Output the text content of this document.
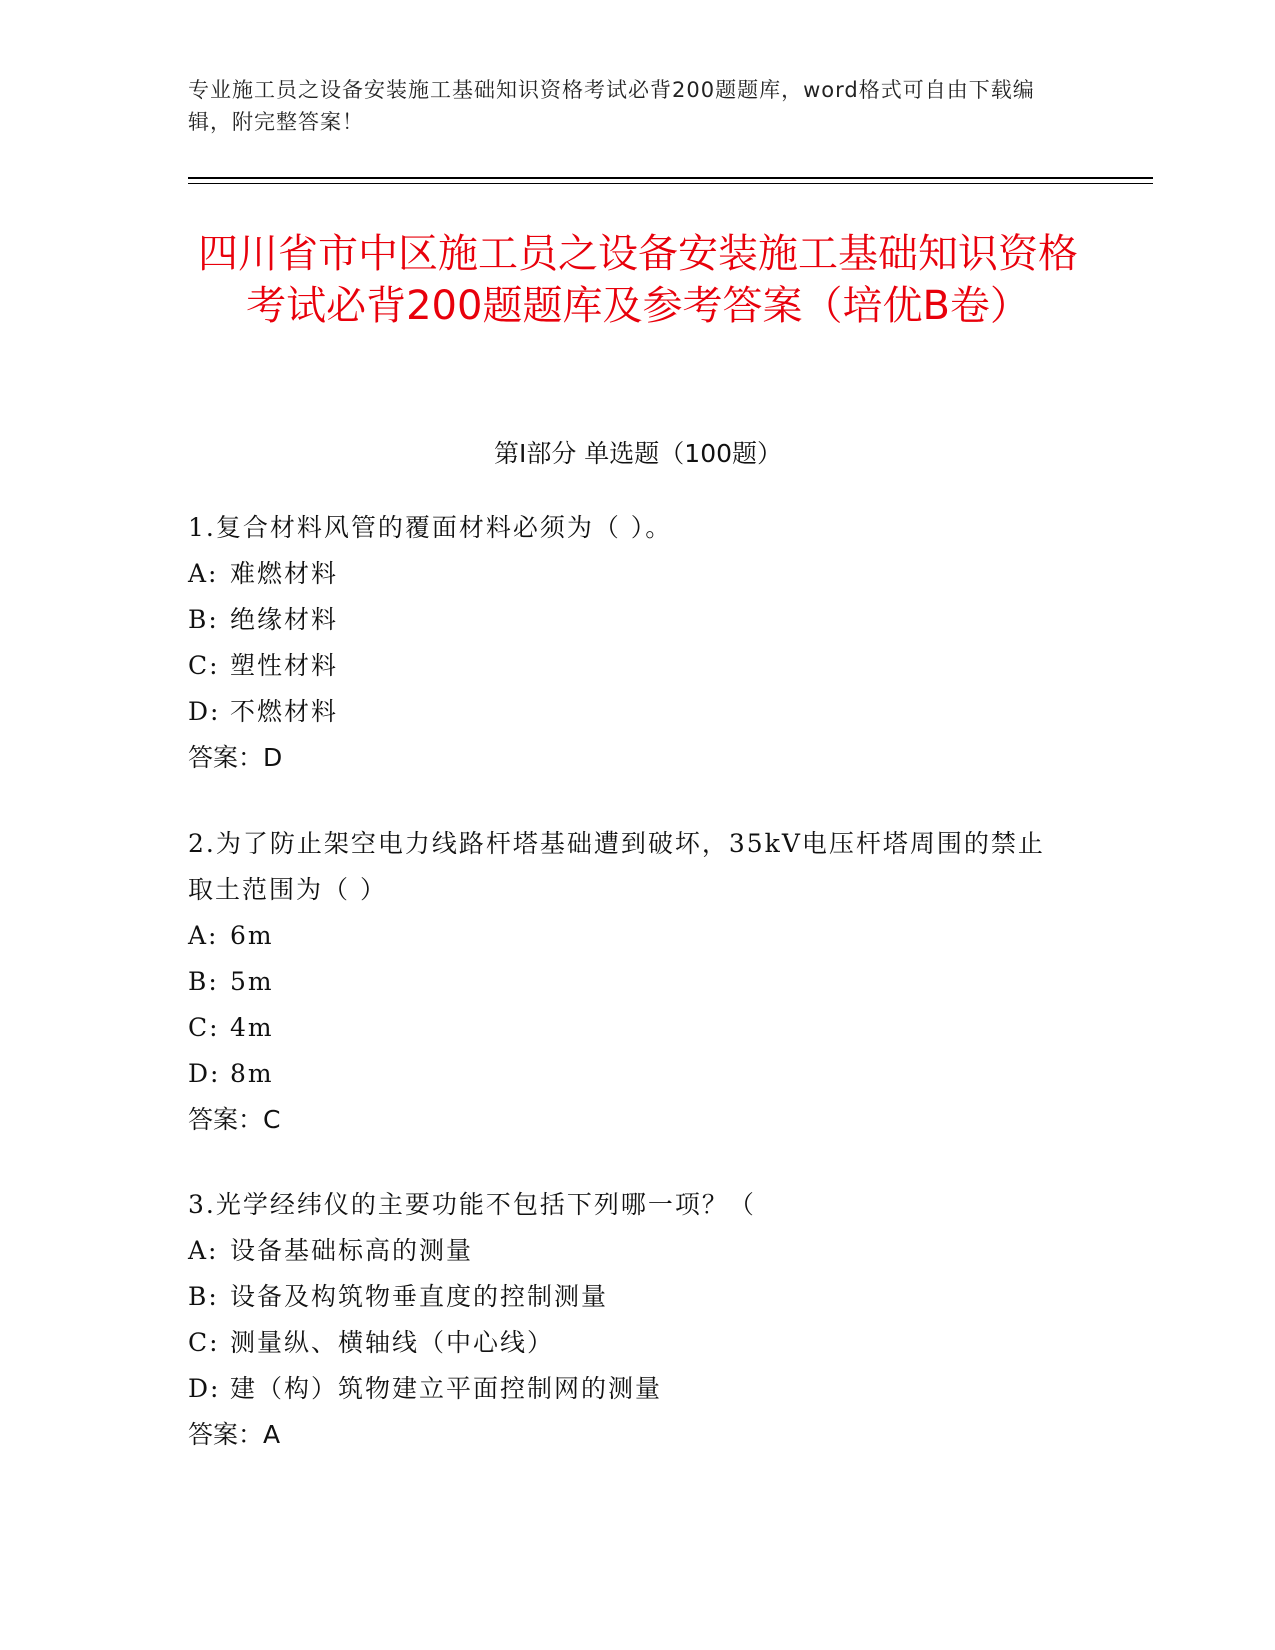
专业施工员之设备安装施工基础知识资格考试必背200题题库，word格式可自由下载编辑，附完整答案！
四川省市中区施工员之设备安装施工基础知识资格考试必背200题题库及参考答案（培优B卷）
第I部分 单选题（100题）
1.复合材料风管的覆面材料必须为（ ）。
A: 难燃材料
B: 绝缘材料
C: 塑性材料
D: 不燃材料
答案：D
2.为了防止架空电力线路杆塔基础遭到破坏，35kV电压杆塔周围的禁止取土范围为（ ）
A: 6m
B: 5m
C: 4m
D: 8m
答案：C
3.光学经纬仪的主要功能不包括下列哪一项？（
A: 设备基础标高的测量
B: 设备及构筑物垂直度的控制测量
C: 测量纵、横轴线（中心线）
D: 建（构）筑物建立平面控制网的测量
答案：A
